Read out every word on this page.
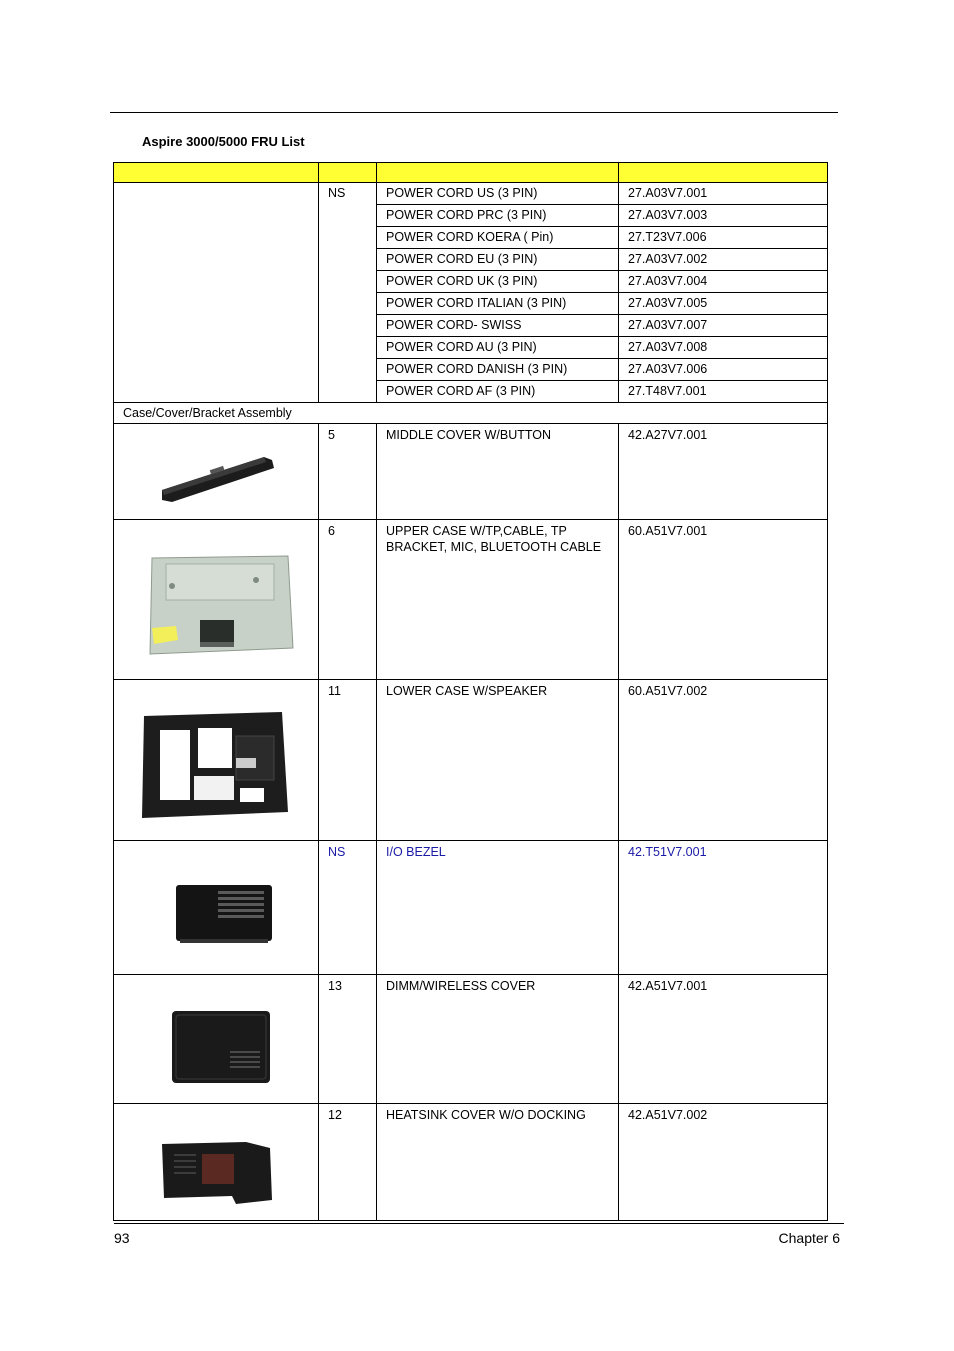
Aspire 3000/5000 FRU List

	NS	POWER CORD US (3 PIN)	27.A03V7.001

		POWER CORD PRC (3 PIN)	27.A03V7.003

		POWER CORD KOERA ( Pin)	27.T23V7.006

		POWER CORD EU (3 PIN)	27.A03V7.002

		POWER CORD UK (3 PIN)	27.A03V7.004

		POWER CORD ITALIAN (3 PIN)	27.A03V7.005

		POWER CORD- SWISS	27.A03V7.007

		POWER CORD AU (3 PIN)	27.A03V7.008

		POWER CORD DANISH (3 PIN)	27.A03V7.006

		POWER CORD AF (3 PIN)	27.T48V7.001

Case/Cover/Bracket Assembly			

5	MIDDLE COVER W/BUTTON	42.A27V7.001

6	UPPER CASE W/TP,CABLE, TP BRACKET, MIC, BLUETOOTH CABLE	60.A51V7.001

11	LOWER CASE W/SPEAKER	60.A51V7.002

NS	I/O BEZEL	42.T51V7.001

13	DIMM/WIRELESS COVER	42.A51V7.001

12	HEATSINK COVER W/O DOCKING	42.A51V7.002
93	Chapter 6
